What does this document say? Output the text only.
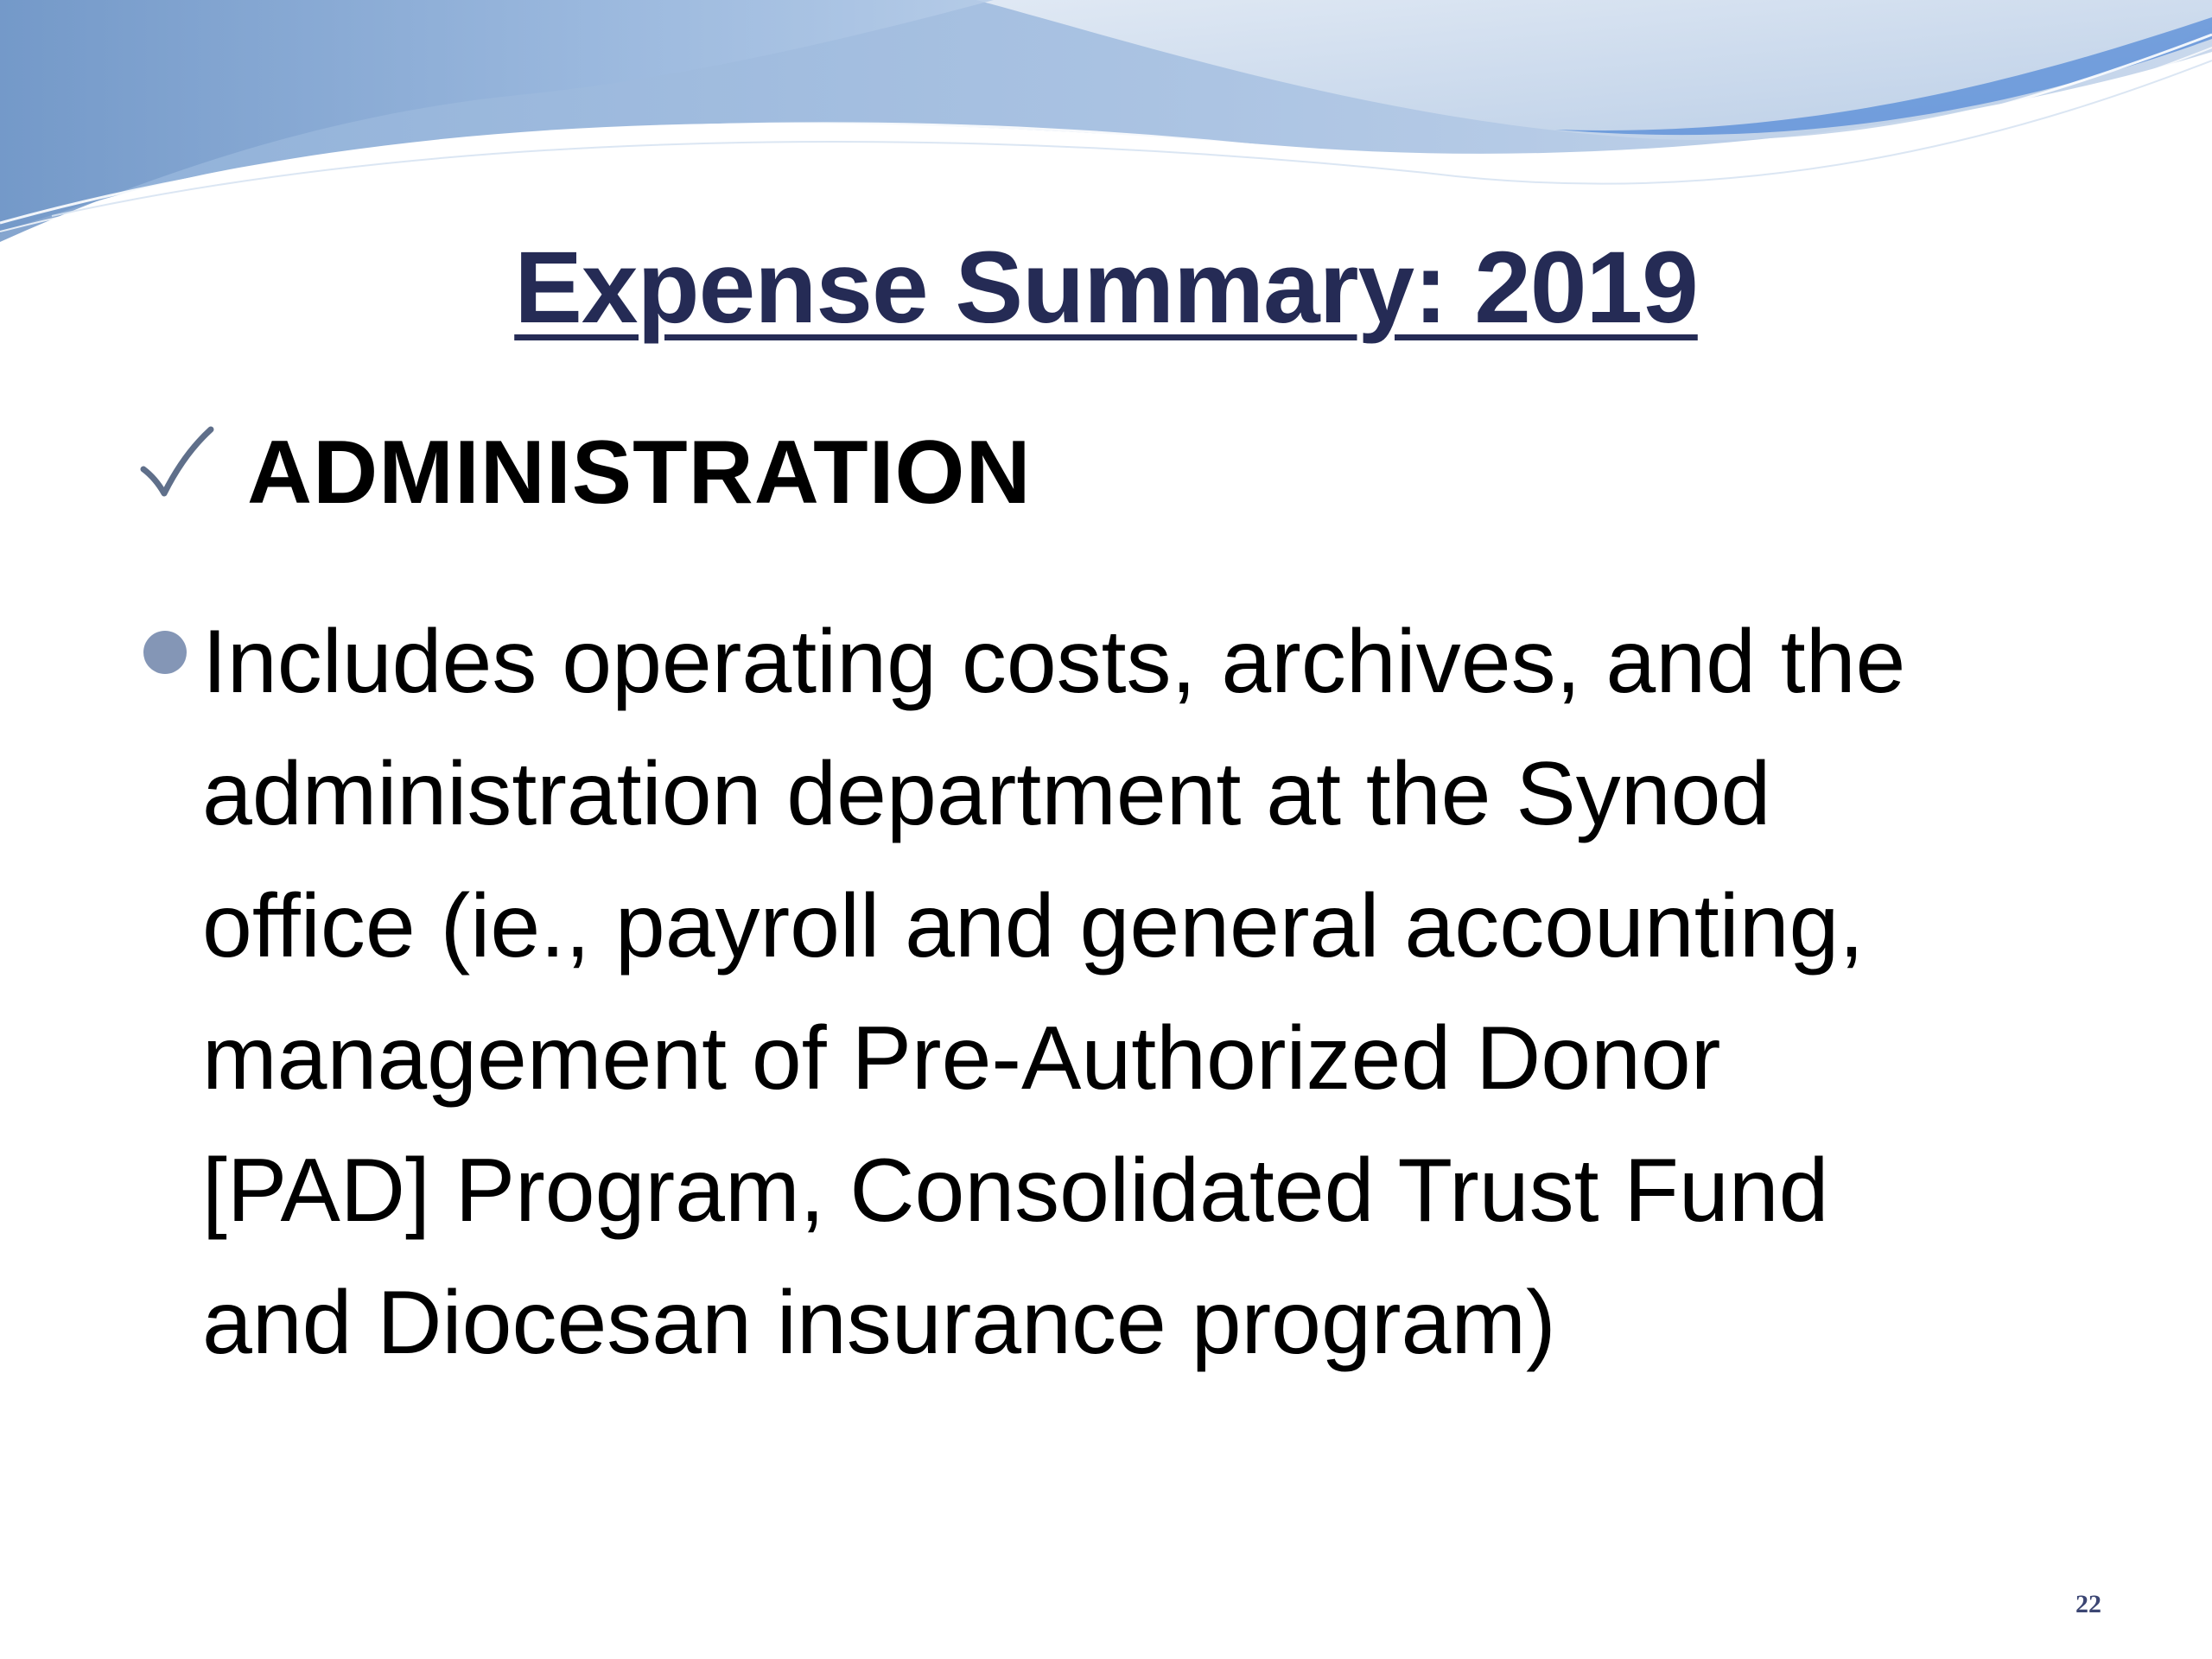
Expense Summary: 2019
ADMINISTRATION
Includes operating costs, archives, and the
administration department at the Synod
office (ie., payroll and general accounting,
management of Pre-Authorized Donor
[PAD] Program, Consolidated Trust Fund
and Diocesan insurance program)
22
